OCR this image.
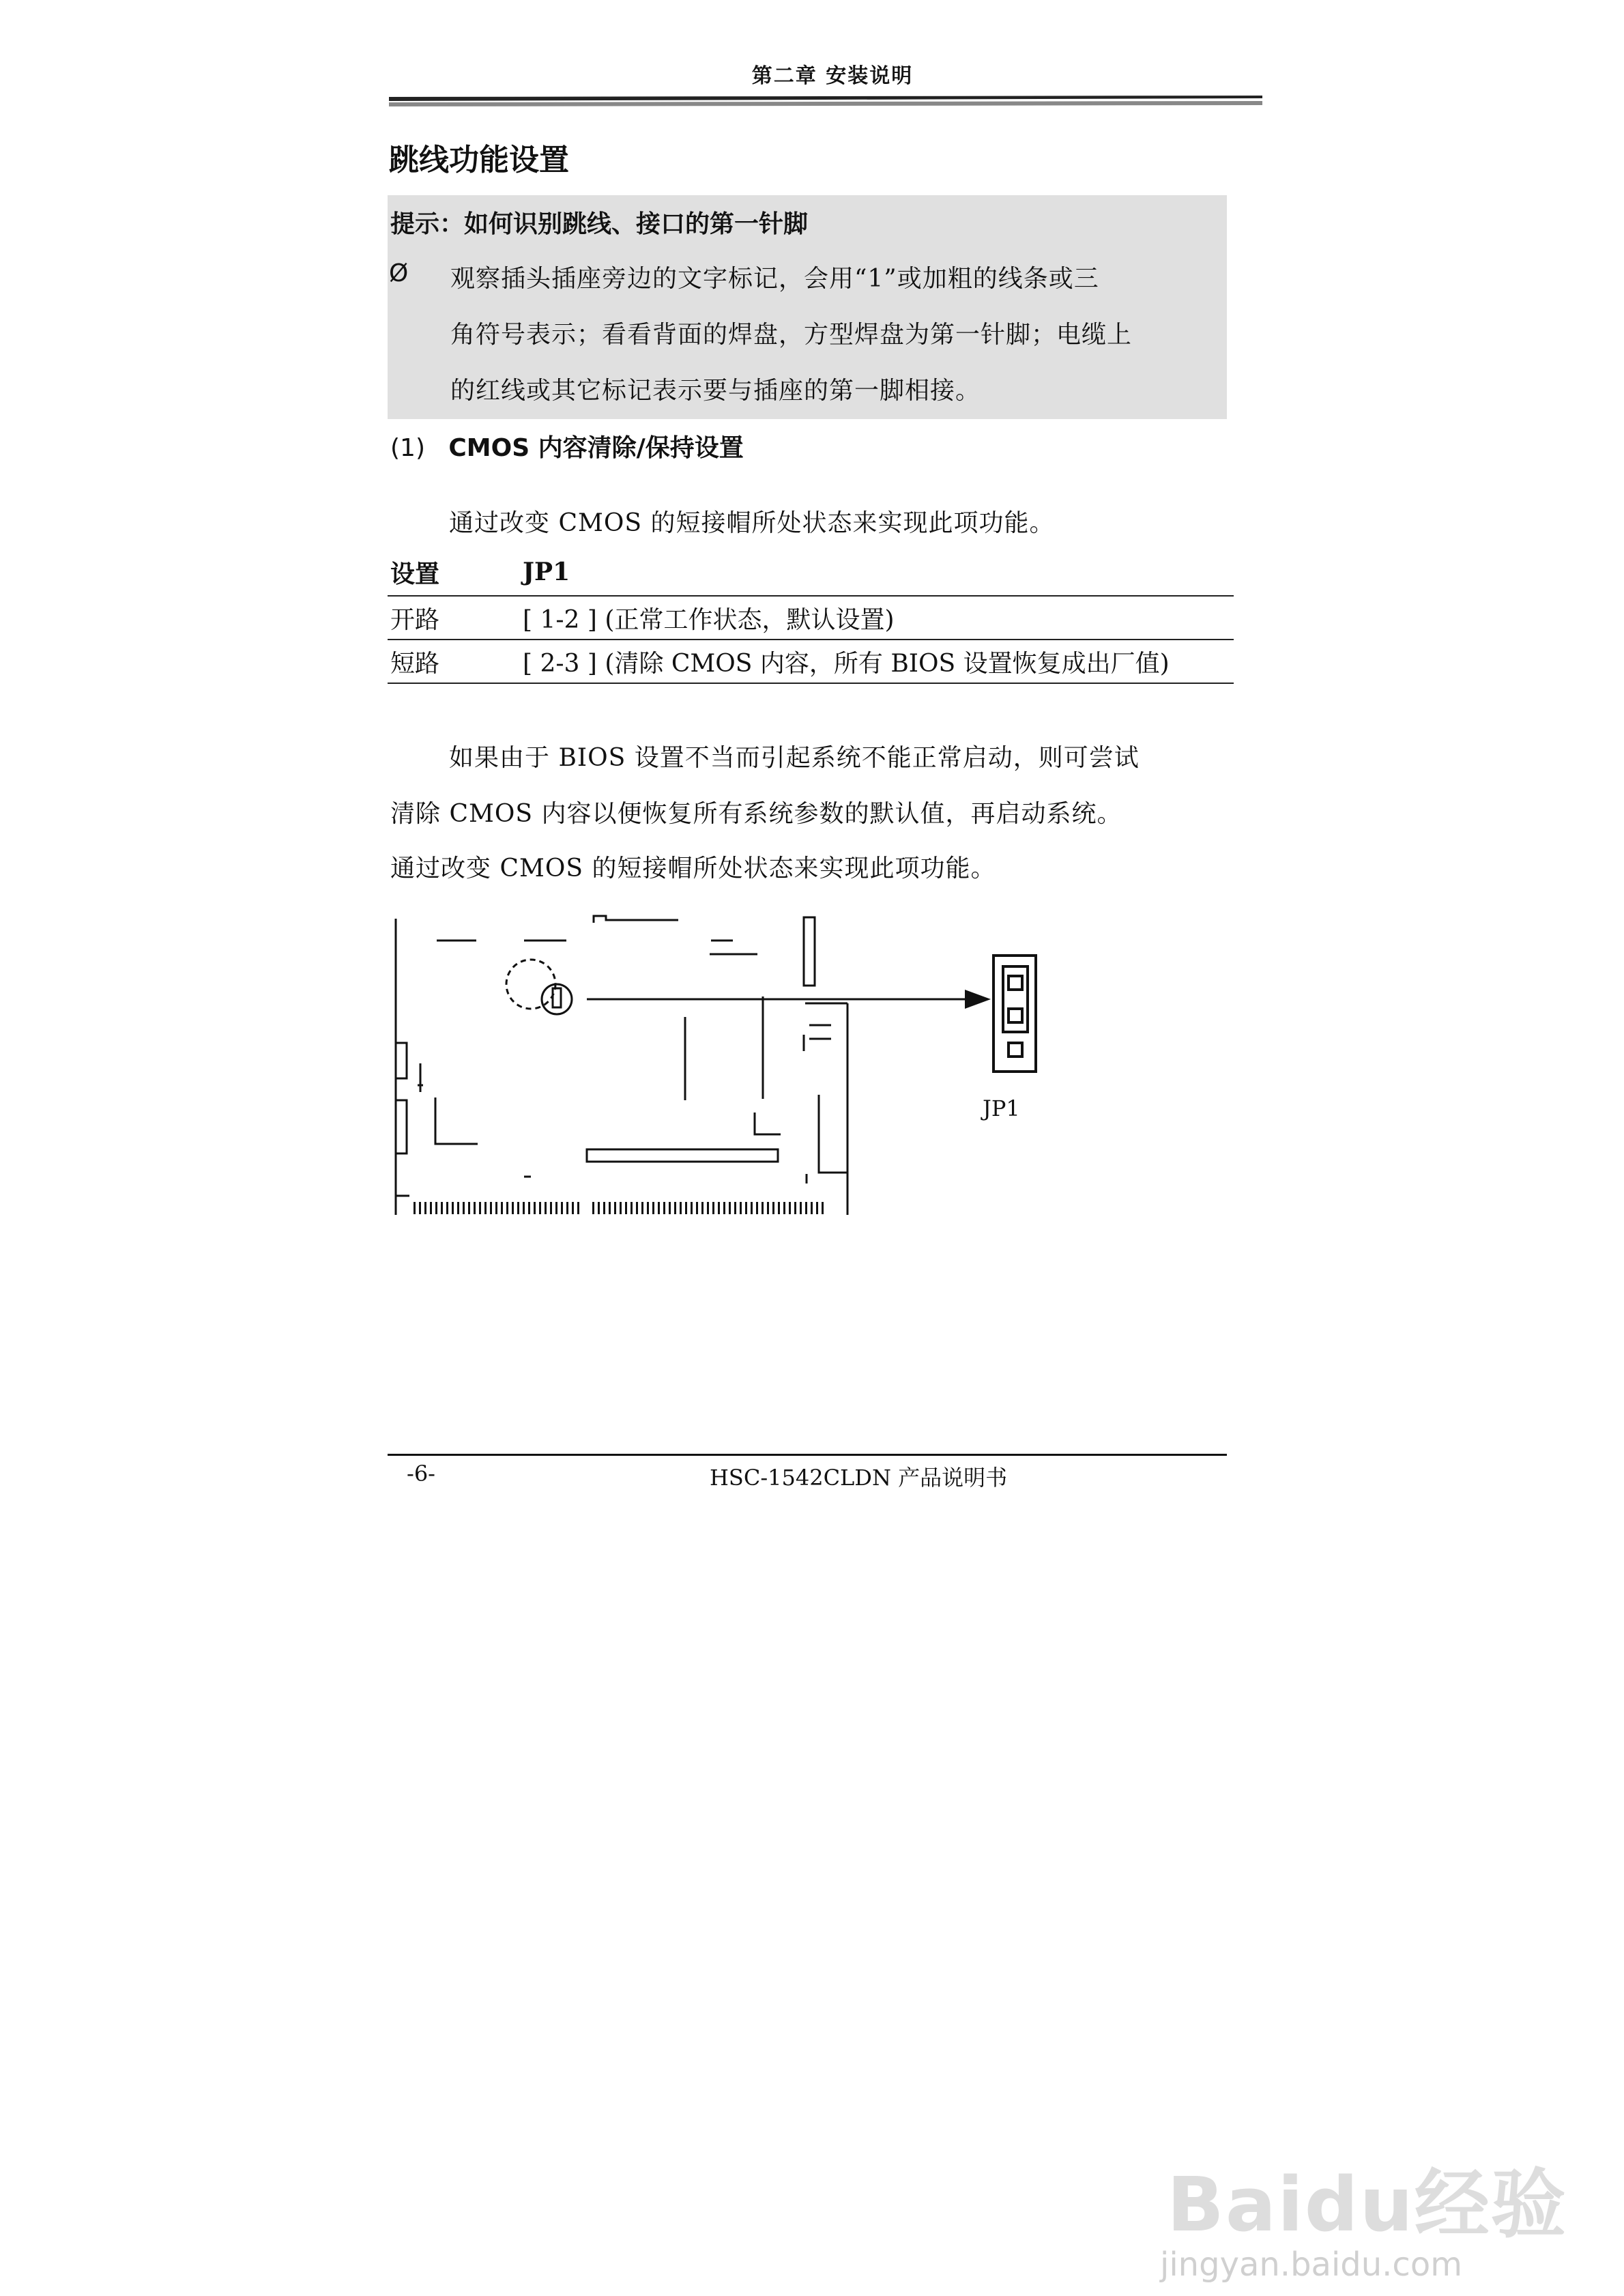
第二章 安装说明
跳线功能设置
提示：如何识别跳线、接口的第一针脚
Ø 观察插头插座旁边的文字标记，会用“1”或加粗的线条或三
角符号表示；看看背面的焊盘，方型焊盘为第一针脚；电缆上
的红线或其它标记表示要与插座的第一脚相接。
(1) CMOS 内容清除/保持设置
通过改变 CMOS 的短接帽所处状态来实现此项功能。
设置	JP1
开路	[ 1-2 ] (正常工作状态，默认设置)
短路	[ 2-3 ] (清除 CMOS 内容，所有 BIOS 设置恢复成出厂值)
如果由于 BIOS 设置不当而引起系统不能正常启动，则可尝试
清除 CMOS 内容以便恢复所有系统参数的默认值，再启动系统。
通过改变 CMOS 的短接帽所处状态来实现此项功能。
JP1
-6-	HSC-1542CLDN 产品说明书
Baidu经验
jingyan.baidu.com
